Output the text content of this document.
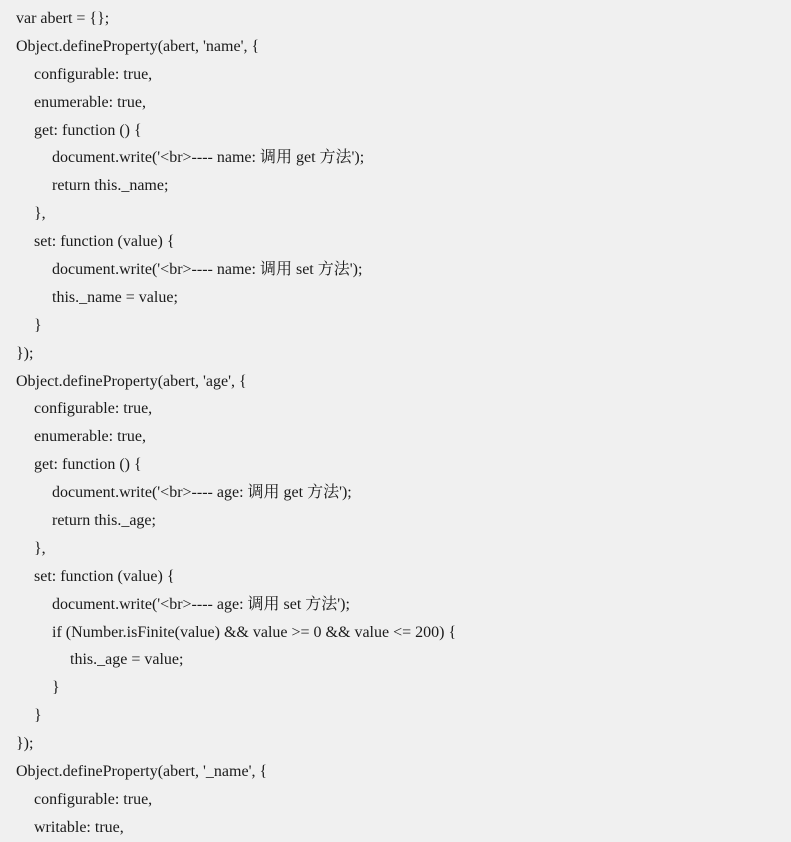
var abert = {};
Object.defineProperty(abert, 'name', {
configurable: true,
enumerable: true,
get: function () {
document.write('<br>---- name: 调用 get 方法');
return this._name;
},
set: function (value) {
document.write('<br>---- name: 调用 set 方法');
this._name = value;
}
});
Object.defineProperty(abert, 'age', {
configurable: true,
enumerable: true,
get: function () {
document.write('<br>---- age: 调用 get 方法');
return this._age;
},
set: function (value) {
document.write('<br>---- age: 调用 set 方法');
if (Number.isFinite(value) && value >= 0 && value <= 200) {
this._age = value;
}
}
});
Object.defineProperty(abert, '_name', {
configurable: true,
writable: true,
